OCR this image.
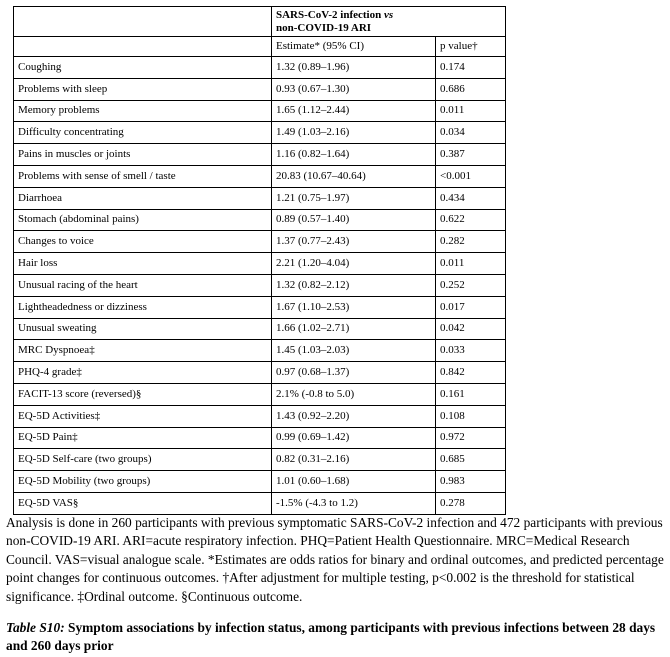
	SARS-CoV-2 infection vs
non-COVID-19 ARI	

	Estimate* (95% CI)	p value†
Coughing	1.32 (0.89–1.96)	0.174
Problems with sleep	0.93 (0.67–1.30)	0.686
Memory problems	1.65 (1.12–2.44)	0.011
Difficulty concentrating	1.49 (1.03–2.16)	0.034
Pains in muscles or joints	1.16 (0.82–1.64)	0.387
Problems with sense of smell / taste	20.83 (10.67–40.64)	<0.001
Diarrhoea	1.21 (0.75–1.97)	0.434
Stomach (abdominal pains)	0.89 (0.57–1.40)	0.622
Changes to voice	1.37 (0.77–2.43)	0.282
Hair loss	2.21 (1.20–4.04)	0.011
Unusual racing of the heart	1.32 (0.82–2.12)	0.252
Lightheadedness or dizziness	1.67 (1.10–2.53)	0.017
Unusual sweating	1.66 (1.02–2.71)	0.042
MRC Dyspnoea‡	1.45 (1.03–2.03)	0.033
PHQ-4 grade‡	0.97 (0.68–1.37)	0.842
FACIT-13 score (reversed)§	2.1% (-0.8 to 5.0)	0.161
EQ-5D Activities‡	1.43 (0.92–2.20)	0.108
EQ-5D Pain‡	0.99 (0.69–1.42)	0.972
EQ-5D Self-care (two groups)	0.82 (0.31–2.16)	0.685
EQ-5D Mobility (two groups)	1.01 (0.60–1.68)	0.983
EQ-5D VAS§	-1.5% (-4.3 to 1.2)	0.278
Analysis is done in 260 participants with previous symptomatic SARS-CoV-2 infection and 472 participants with previous non-COVID-19 ARI. ARI=acute respiratory infection. PHQ=Patient Health Questionnaire. MRC=Medical Research Council. VAS=visual analogue scale. *Estimates are odds ratios for binary and ordinal outcomes, and predicted percentage point changes for continuous outcomes. †After adjustment for multiple testing, p<0.002 is the threshold for statistical significance. ‡Ordinal outcome. §Continuous outcome.
Table S10: Symptom associations by infection status, among participants with previous infections between 28 days and 260 days prior
